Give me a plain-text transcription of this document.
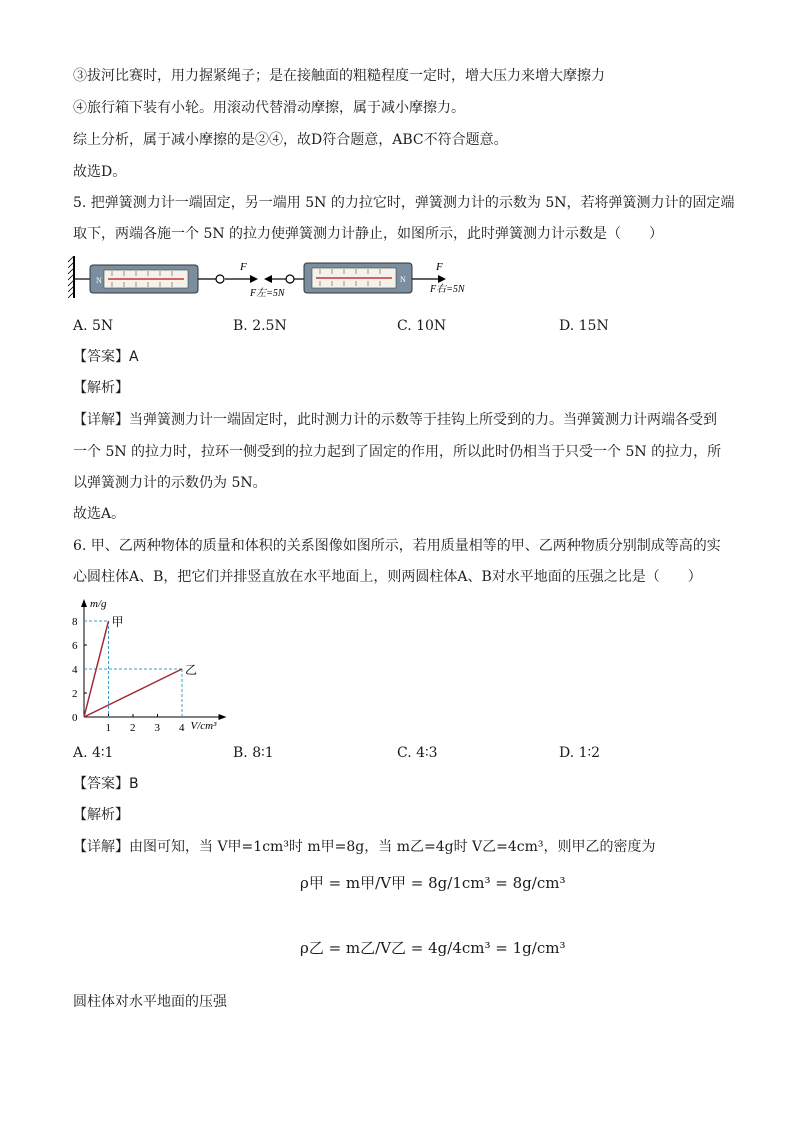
③拔河比赛时，用力握紧绳子；是在接触面的粗糙程度一定时，增大压力来增大摩擦力
④旅行箱下装有小轮。用滚动代替滑动摩擦，属于减小摩擦力。
综上分析，属于减小摩擦的是②④，故D符合题意，ABC不符合题意。
故选D。
5. 把弹簧测力计一端固定，另一端用 5N 的力拉它时，弹簧测力计的示数为 5N，若将弹簧测力计的固定端
取下，两端各施一个 5N 的拉力使弹簧测力计静止，如图所示，此时弹簧测力计示数是（　　）
N
F
F左=5N
N
F
F右=5N
A. 5N	B. 2.5N	C. 10N	D. 15N
【答案】A
【解析】
【详解】当弹簧测力计一端固定时，此时测力计的示数等于挂钩上所受到的力。当弹簧测力计两端各受到
一个 5N 的拉力时，拉环一侧受到的拉力起到了固定的作用，所以此时仍相当于只受一个 5N 的拉力，所
以弹簧测力计的示数仍为 5N。
故选A。
6. 甲、乙两种物体的质量和体积的关系图像如图所示，若用质量相等的甲、乙两种物质分别制成等高的实
心圆柱体A、B，把它们并排竖直放在水平地面上，则两圆柱体A、B对水平地面的压强之比是（　　）
m/g
V/cm³
1 2 3 4
0
2
4
6
8	甲
乙
A. 4∶1	B. 8∶1	C. 4∶3	D. 1∶2
【答案】B
【解析】
【详解】由图可知，当 V甲=1cm³时 m甲=8g，当 m乙=4g时 V乙=4cm³，则甲乙的密度为
ρ甲 = m甲/V甲 = 8g/1cm³ = 8g/cm³
ρ乙 = m乙/V乙 = 4g/4cm³ = 1g/cm³
圆柱体对水平地面的压强
